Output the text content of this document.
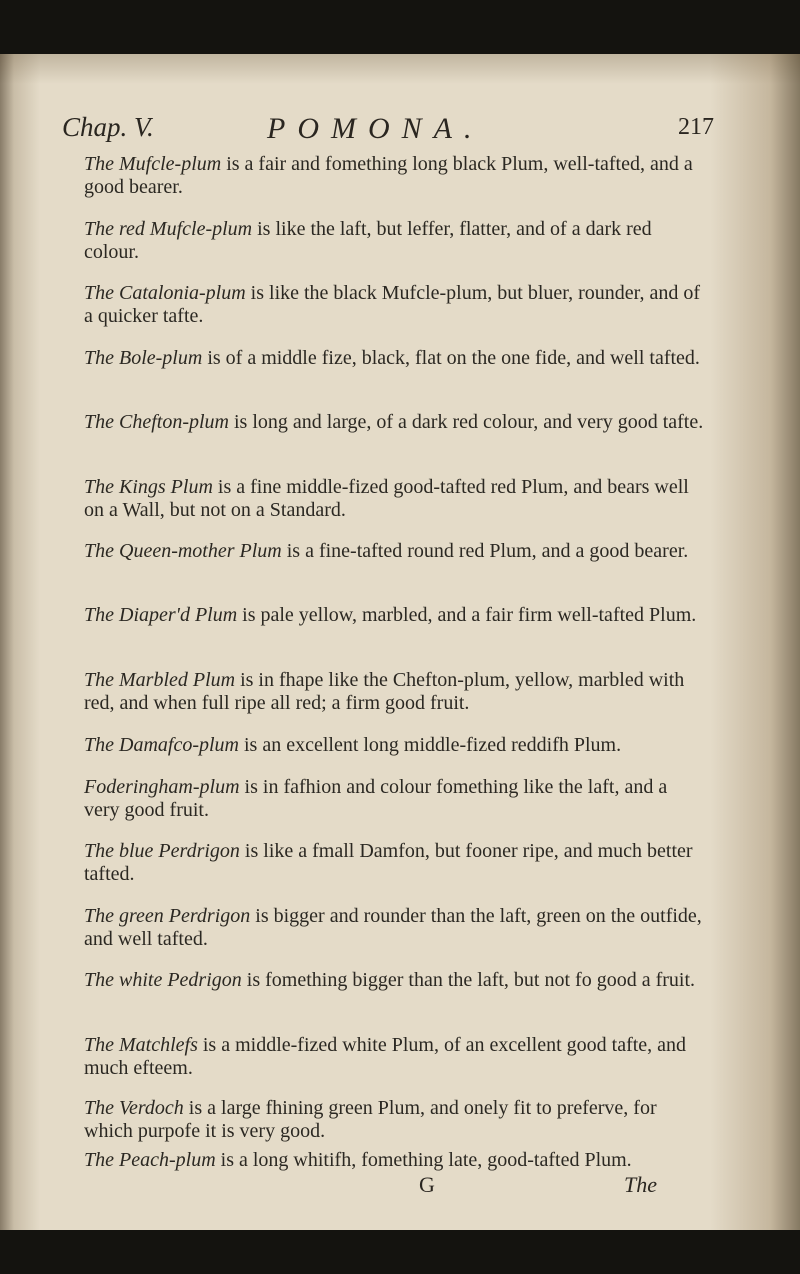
Chap. V.	POMONA.	217
The Mufcle-plum is a fair and fomething long black Plum, well-tafted, and a good bearer.
The red Mufcle-plum is like the laft, but leffer, flatter, and of a dark red colour.
The Catalonia-plum is like the black Mufcle-plum, but bluer, rounder, and of a quicker tafte.
The Bole-plum is of a middle fize, black, flat on the one fide, and well tafted.
The Chefton-plum is long and large, of a dark red colour, and very good tafte.
The Kings Plum is a fine middle-fized good-tafted red Plum, and bears well on a Wall, but not on a Standard.
The Queen-mother Plum is a fine-tafted round red Plum, and a good bearer.
The Diaper'd Plum is pale yellow, marbled, and a fair firm well-tafted Plum.
The Marbled Plum is in fhape like the Chefton-plum, yellow, marbled with red, and when full ripe all red; a firm good fruit.
The Damafco-plum is an excellent long middle-fized reddifh Plum.
Foderingham-plum is in fafhion and colour fomething like the laft, and a very good fruit.
The blue Perdrigon is like a fmall Damfon, but fooner ripe, and much better tafted.
The green Perdrigon is bigger and rounder than the laft, green on the outfide, and well tafted.
The white Pedrigon is fomething bigger than the laft, but not fo good a fruit.
The Matchlefs is a middle-fized white Plum, of an excellent good tafte, and much efteem.
The Verdoch is a large fhining green Plum, and onely fit to preferve, for which purpofe it is very good.
The Peach-plum is a long whitifh, fomething late, good-tafted Plum.
G	The
